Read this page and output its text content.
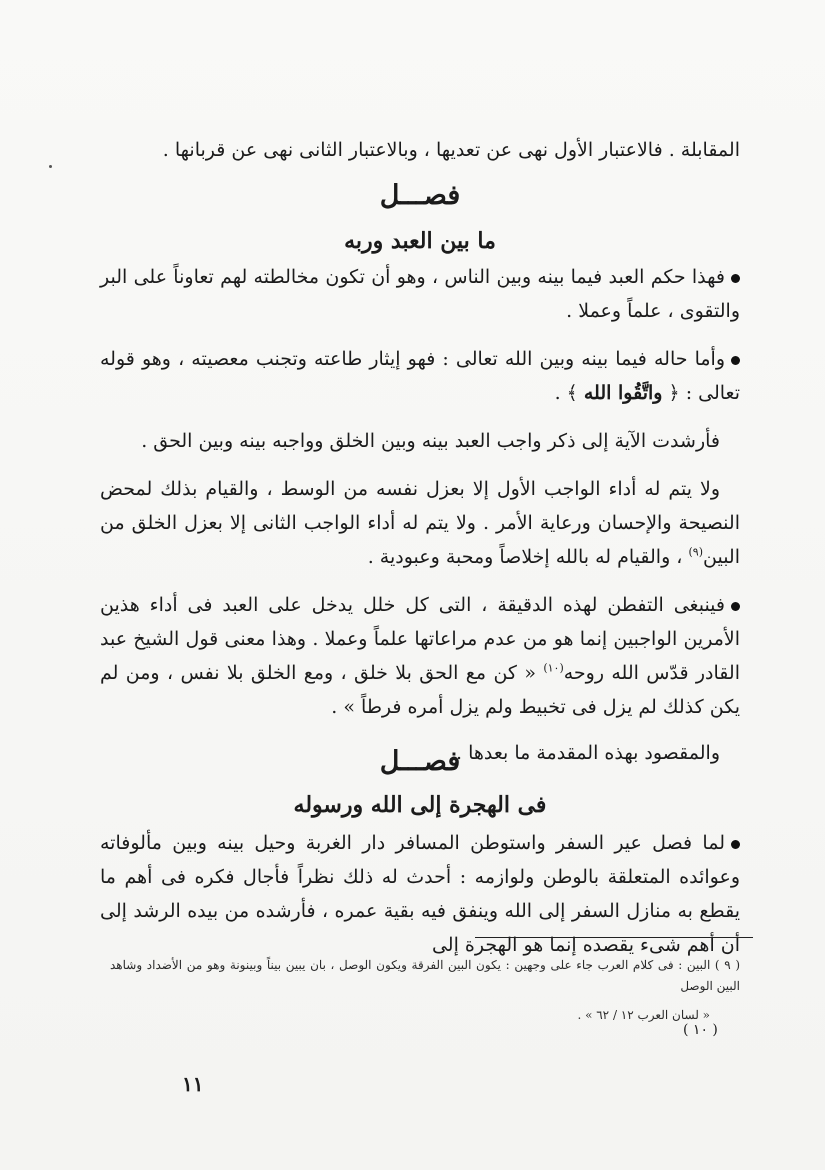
المقابلة . فالاعتبار الأول نهى عن تعديها ، وبالاعتبار الثانى نهى عن قربانها .

فصـــل
ما بين العبد وربه

فهذا حكم العبد فيما بينه وبين الناس ، وهو أن تكون مخالطته لهم تعاوناً على البر والتقوى ، علماً وعملا .

وأما حاله فيما بينه وبين الله تعالى : فهو إيثار طاعته وتجنب معصيته ، وهو قوله تعالى : ﴿ واتَّقُوا الله ﴾ .

فأرشدت الآية إلى ذكر واجب العبد بينه وبين الخلق وواجبه بينه وبين الحق .

ولا يتم له أداء الواجب الأول إلا بعزل نفسه من الوسط ، والقيام بذلك لمحض النصيحة والإحسان ورعاية الأمر . ولا يتم له أداء الواجب الثانى إلا بعزل الخلق من البين$^{(٩)}$ ، والقيام له بالله إخلاصاً ومحبة وعبودية .

فينبغى التفطن لهذه الدقيقة ، التى كل خلل يدخل على العبد فى أداء هذين الأمرين الواجبين إنما هو من عدم مراعاتها علماً وعملا . وهذا معنى قول الشيخ عبد القادر قدّس الله روحه$^{(١٠)}$ « كن مع الحق بلا خلق ، ومع الخلق بلا نفس ، ومن لم يكن كذلك لم يزل فى تخبيط ولم يزل أمره فرطاً » .

والمقصود بهذه المقدمة ما بعدها .

فصـــل
فى الهجرة إلى الله ورسوله

لما فصل عير السفر واستوطن المسافر دار الغربة وحيل بينه وبين مألوفاته وعوائده المتعلقة بالوطن ولوازمه : أحدث له ذلك نظراً فأجال فكره فى أهم ما يقطع به منازل السفر إلى الله وينفق فيه بقية عمره ، فأرشده من بيده الرشد إلى أن أهم شىء يقصده إنما هو الهجرة إلى

( ٩ ) البين : فى كلام العرب جاء على وجهين : يكون البين الفرقة ويكون الوصل ، بان يبين بيناً وبينونة وهو من الأضداد وشاهد البين الوصل
« لسان العرب ١٢ / ٦٢ » .
( ١٠ )
١١
